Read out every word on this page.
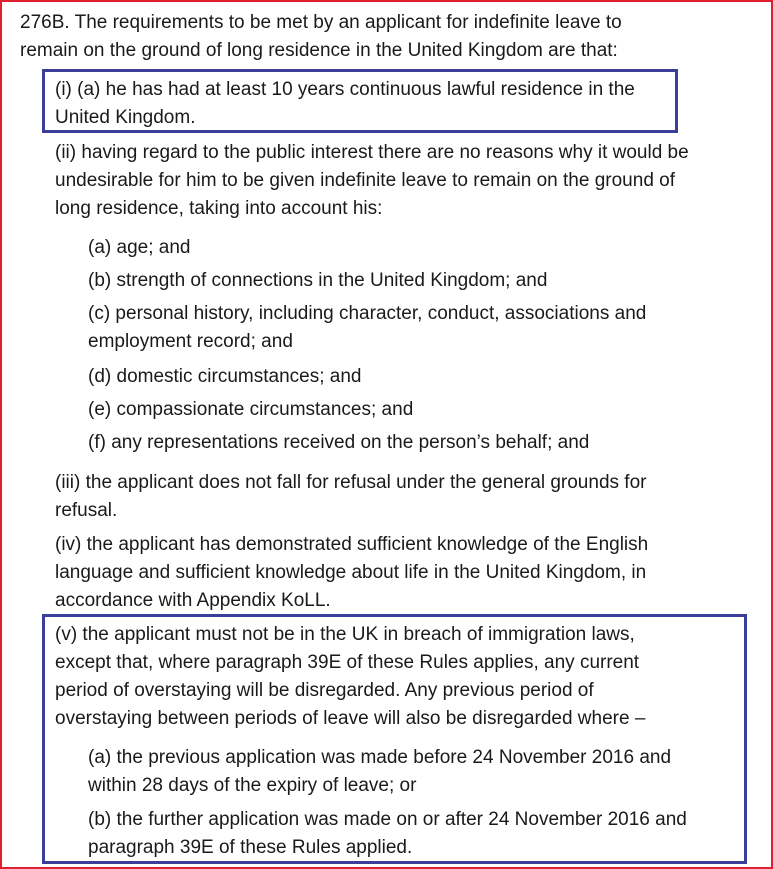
276B. The requirements to be met by an applicant for indefinite leave to
remain on the ground of long residence in the United Kingdom are that:
(i) (a) he has had at least 10 years continuous lawful residence in the
United Kingdom.
(ii) having regard to the public interest there are no reasons why it would be
undesirable for him to be given indefinite leave to remain on the ground of
long residence, taking into account his:
(a) age; and
(b) strength of connections in the United Kingdom; and
(c) personal history, including character, conduct, associations and
employment record; and
(d) domestic circumstances; and
(e) compassionate circumstances; and
(f) any representations received on the person’s behalf; and
(iii) the applicant does not fall for refusal under the general grounds for
refusal.
(iv) the applicant has demonstrated sufficient knowledge of the English
language and sufficient knowledge about life in the United Kingdom, in
accordance with Appendix KoLL.
(v) the applicant must not be in the UK in breach of immigration laws,
except that, where paragraph 39E of these Rules applies, any current
period of overstaying will be disregarded. Any previous period of
overstaying between periods of leave will also be disregarded where –
(a) the previous application was made before 24 November 2016 and
within 28 days of the expiry of leave; or
(b) the further application was made on or after 24 November 2016 and
paragraph 39E of these Rules applied.
